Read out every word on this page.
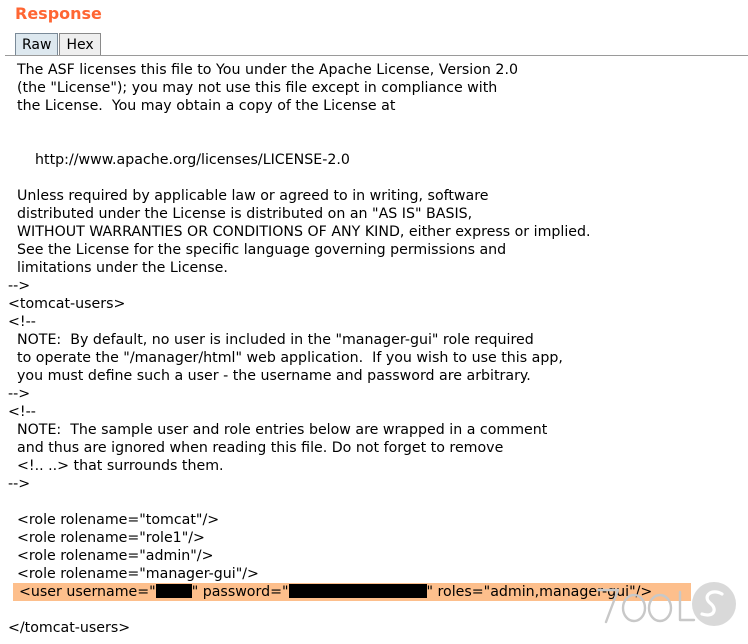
Response
Raw	Hex
The ASF licenses this file to You under the Apache License, Version 2.0
(the "License"); you may not use this file except in compliance with
the License.  You may obtain a copy of the License at
http://www.apache.org/licenses/LICENSE-2.0
Unless required by applicable law or agreed to in writing, software
distributed under the License is distributed on an "AS IS" BASIS,
WITHOUT WARRANTIES OR CONDITIONS OF ANY KIND, either express or implied.
See the License for the specific language governing permissions and
limitations under the License.
-->
<tomcat-users>
<!--
NOTE:  By default, no user is included in the "manager-gui" role required
to operate the "/manager/html" web application.  If you wish to use this app,
you must define such a user - the username and password are arbitrary.
-->
<!--
NOTE:  The sample user and role entries below are wrapped in a comment
and thus are ignored when reading this file. Do not forget to remove
<!.. ..> that surrounds them.
-->
<role rolename="tomcat"/>
<role rolename="role1"/>
<role rolename="admin"/>
<role rolename="manager-gui"/>
<user username="	" password="	" roles="admin,manager-gui"/>
</tomcat-users>
